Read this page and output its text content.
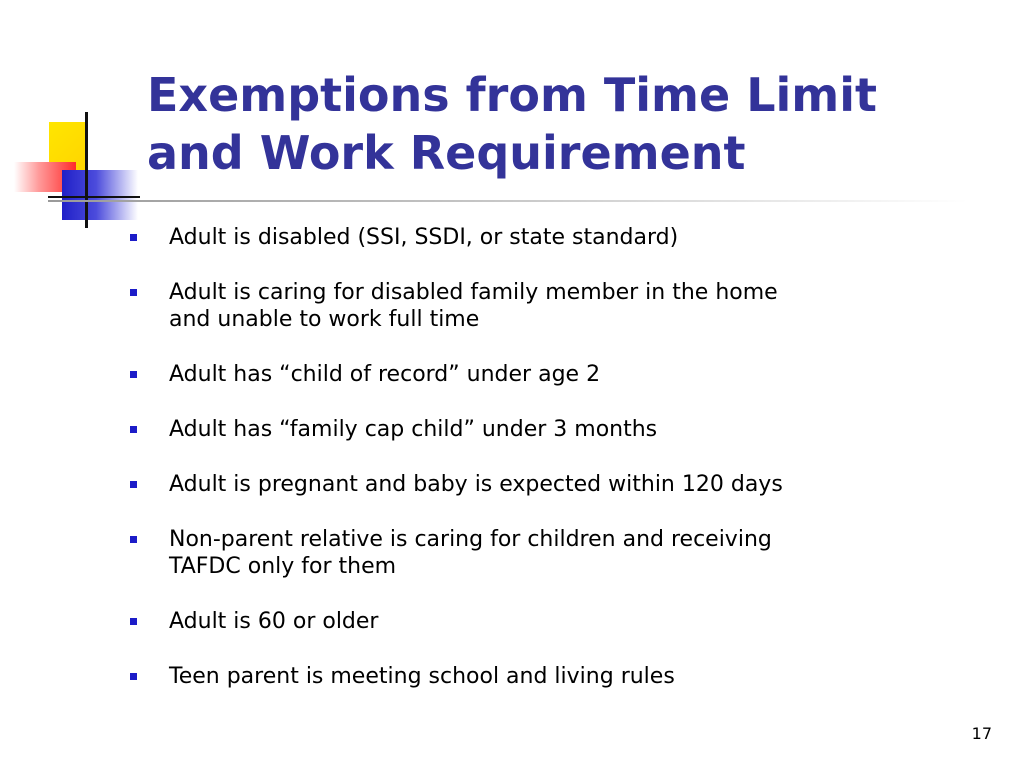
Exemptions from Time Limit
and Work Requirement
Adult is disabled (SSI, SSDI, or state standard)
Adult is caring for disabled family member in the home
and unable to work full time
Adult has “child of record” under age 2
Adult has “family cap child” under 3 months
Adult is pregnant and baby is expected within 120 days
Non-parent relative is caring for children and receiving
TAFDC only for them
Adult is 60 or older
Teen parent is meeting school and living rules
17
